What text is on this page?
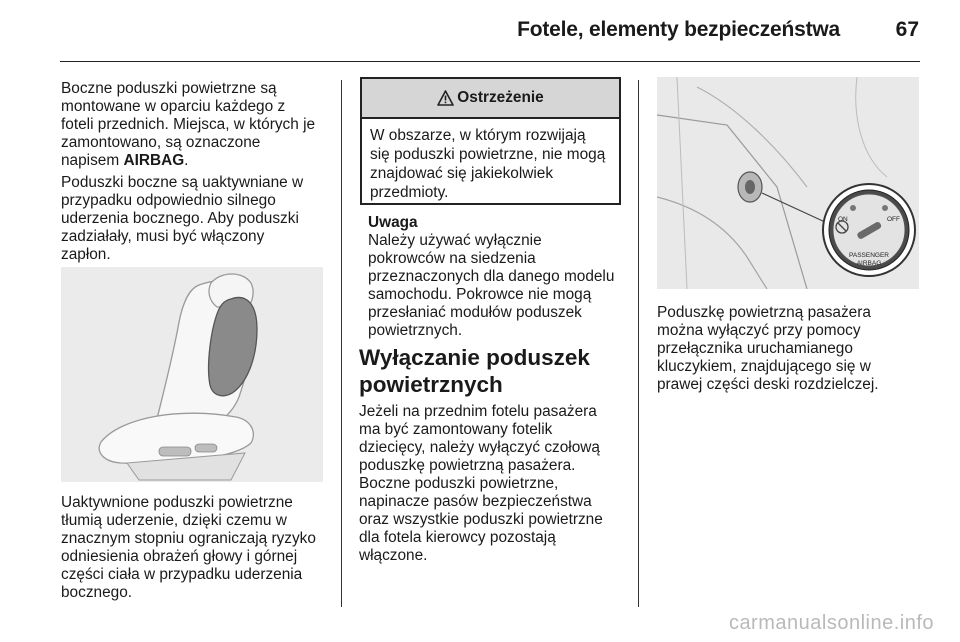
Fotele, elementy bezpieczeństwa	67
Boczne poduszki powietrzne są
montowane w oparciu każdego z
foteli przednich. Miejsca, w których je
zamontowano, są oznaczone
napisem AIRBAG.
Poduszki boczne są uaktywniane w
przypadku odpowiednio silnego
uderzenia bocznego. Aby poduszki
zadziałały, musi być włączony
zapłon.
Uaktywnione poduszki powietrzne
tłumią uderzenie, dzięki czemu w
znacznym stopniu ograniczają ryzyko
odniesienia obrażeń głowy i górnej
części ciała w przypadku uderzenia
bocznego.
Ostrzeżenie
W obszarze, w którym rozwijają
się poduszki powietrzne, nie mogą
znajdować się jakiekolwiek
przedmioty.
Uwaga
Należy używać wyłącznie
pokrowców na siedzenia
przeznaczonych dla danego modelu
samochodu. Pokrowce nie mogą
przesłaniać modułów poduszek
powietrznych.
Wyłączanie poduszek
powietrznych
Jeżeli na przednim fotelu pasażera
ma być zamontowany fotelik
dziecięcy, należy wyłączyć czołową
poduszkę powietrzną pasażera.
Boczne poduszki powietrzne,
napinacze pasów bezpieczeństwa
oraz wszystkie poduszki powietrzne
dla fotela kierowcy pozostają
włączone.
ON	OFF
PASSENGER
AIRBAG
Poduszkę powietrzną pasażera
można wyłączyć przy pomocy
przełącznika uruchamianego
kluczykiem, znajdującego się w
prawej części deski rozdzielczej.
carmanualsonline.info
